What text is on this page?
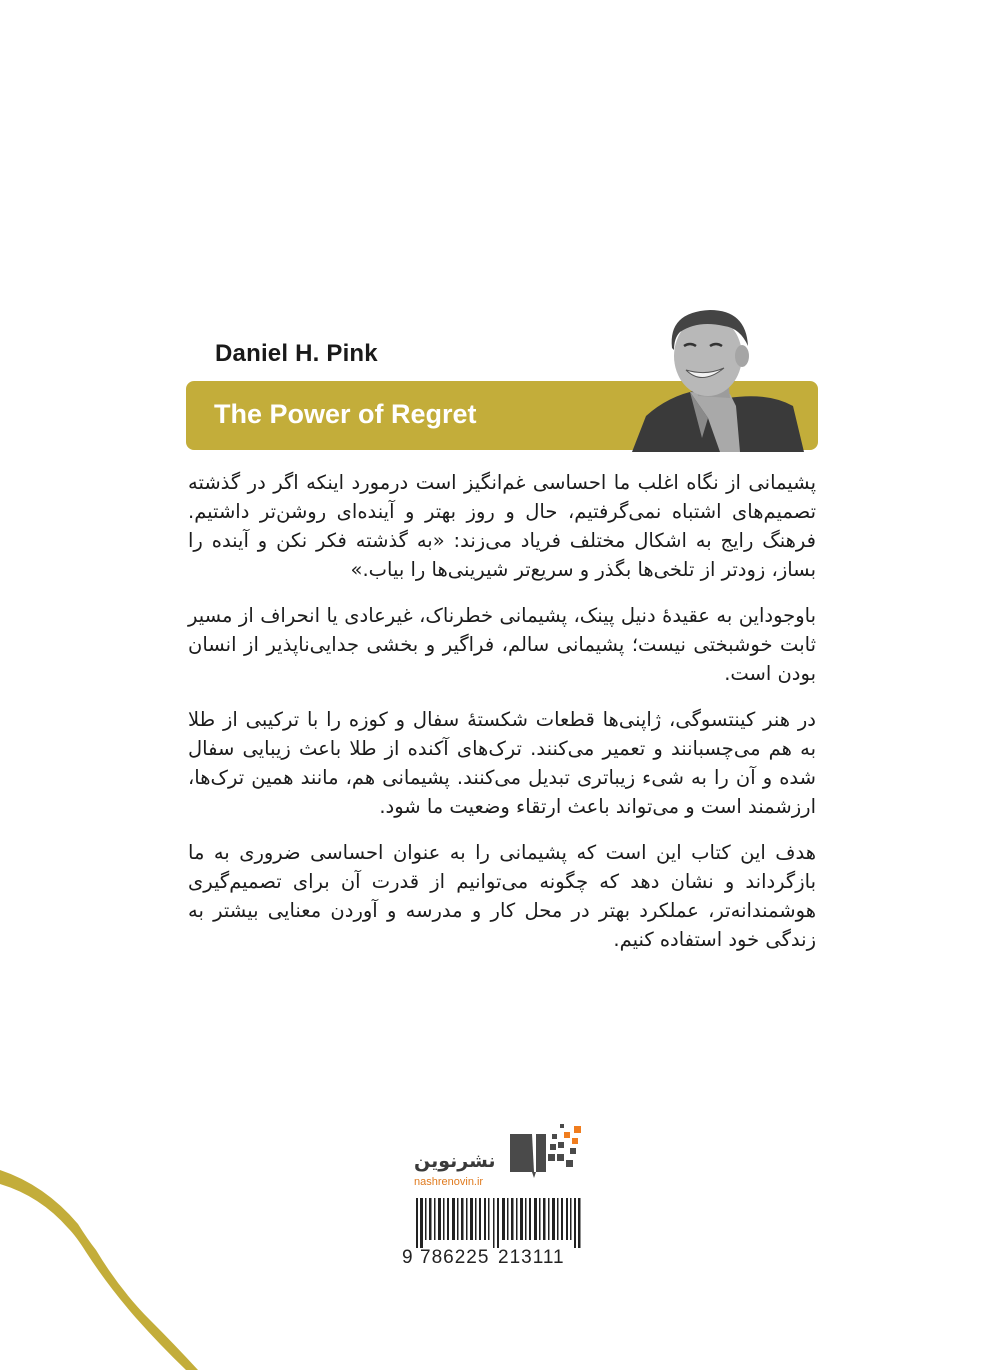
Daniel H. Pink
The Power of Regret

پشیمانی از نگاه اغلب ما احساسی غم‌انگیز است درمورد اینکه اگر در گذشته تصمیم‌های اشتباه نمی‌گرفتیم، حال و روز بهتر و آینده‌ای روشن‌تر داشتیم. فرهنگ رایج به اشکال مختلف فریاد می‌زند: «به گذشته فکر نکن و آینده را بساز، زودتر از تلخی‌ها بگذر و سریع‌تر شیرینی‌ها را بیاب.»

باوجوداین به عقیدهٔ دنیل پینک، پشیمانی خطرناک، غیرعادی یا انحراف از مسیر ثابت خوشبختی نیست؛ پشیمانی سالم، فراگیر و بخشی جدایی‌ناپذیر از انسان بودن است.

در هنر کینتسوگی، ژاپنی‌ها قطعات شکستهٔ سفال و کوزه را با ترکیبی از طلا به هم می‌چسبانند و تعمیر می‌کنند. ترک‌های آکنده از طلا باعث زیبایی سفال شده و آن را به شیء زیباتری تبدیل می‌کنند. پشیمانی هم، مانند همین ترک‌ها، ارزشمند است و می‌تواند باعث ارتقاء وضعیت ما شود.

هدف این کتاب این است که پشیمانی را به عنوان احساسی ضروری به ما بازگرداند و نشان دهد که چگونه می‌توانیم از قدرت آن برای تصمیم‌گیری هوشمندانه‌تر، عملکرد بهتر در محل کار و مدرسه و آوردن معنایی بیشتر به زندگی خود استفاده کنیم.

نشرنوین
nashrenovin.ir
9 786225 213111
